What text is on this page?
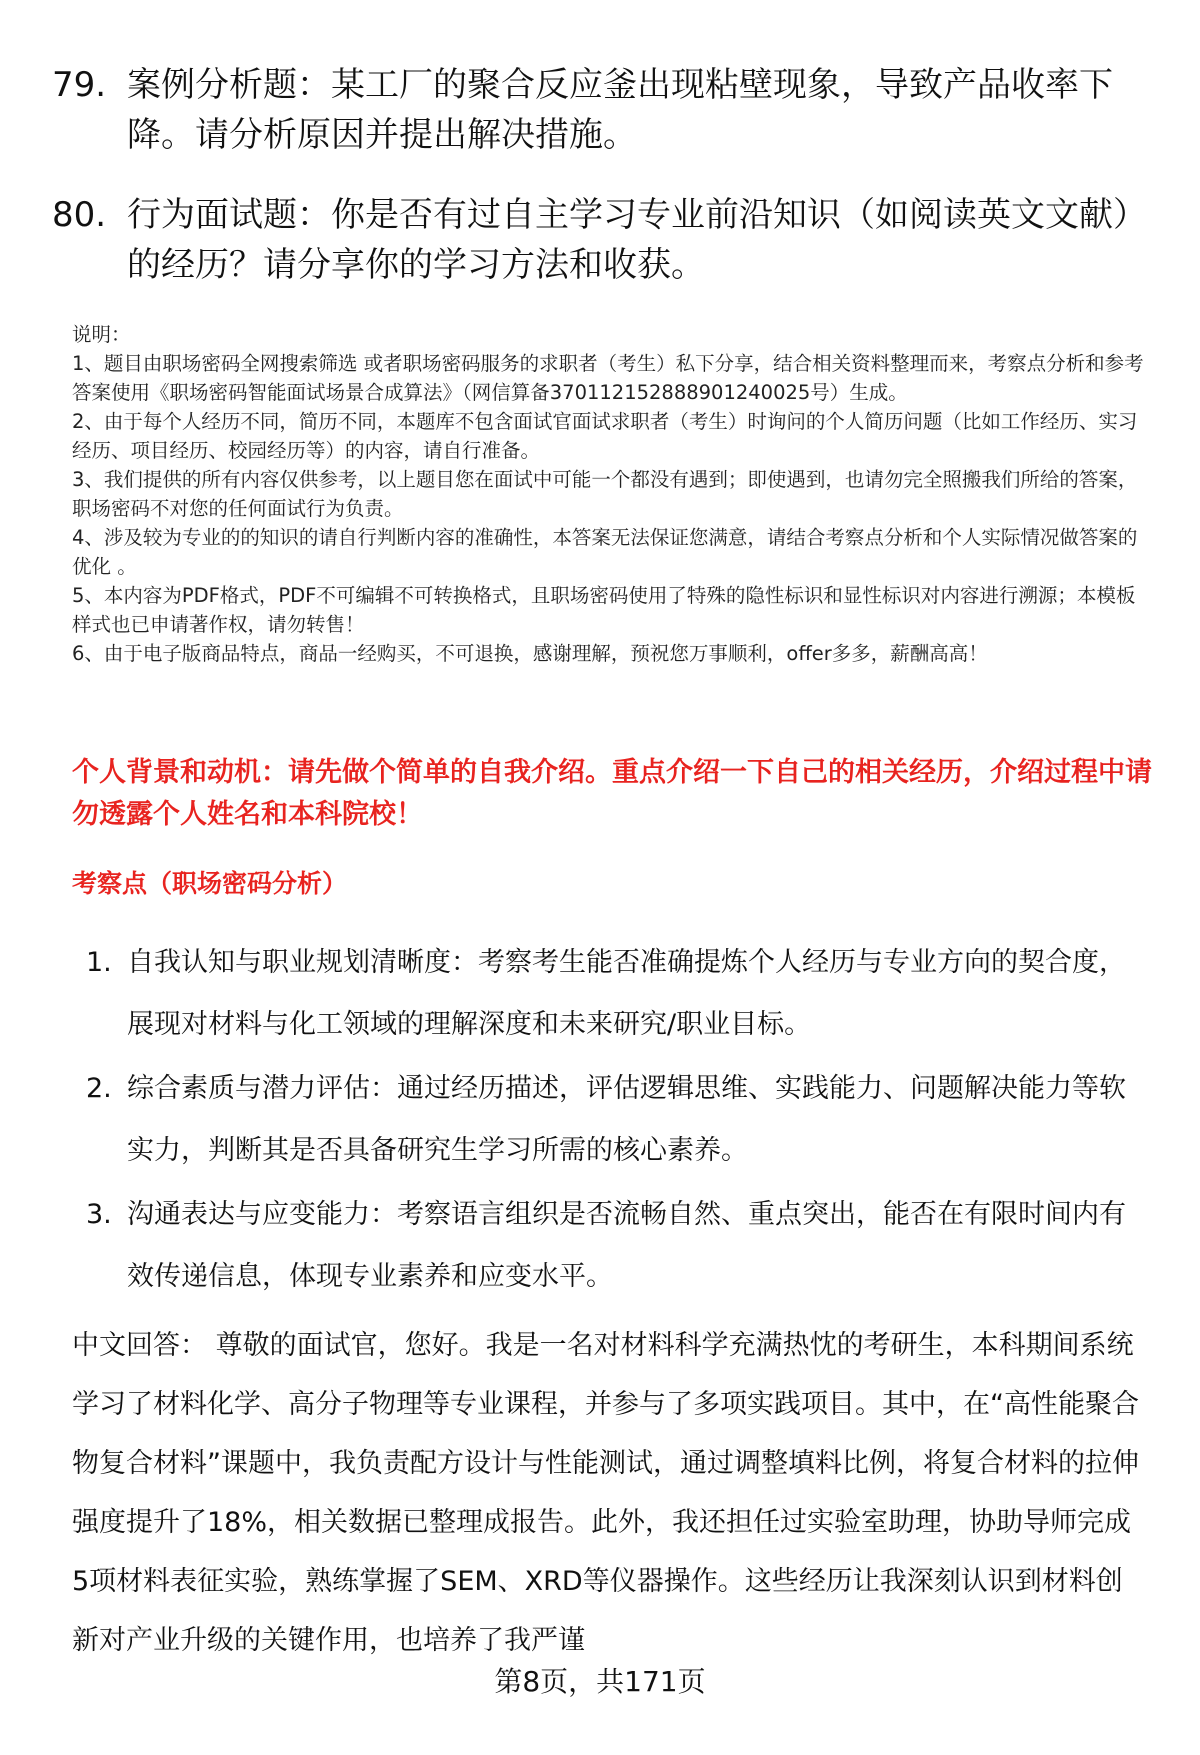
79. 案例分析题：某工厂的聚合反应釜出现粘壁现象，导致产品收率下降。请分析原因并提出解决措施。
80. 行为面试题：你是否有过自主学习专业前沿知识（如阅读英文文献）的经历？请分享你的学习方法和收获。

说明：

1、题目由职场密码全网搜索筛选 或者职场密码服务的求职者（考生）私下分享，结合相关资料整理而来，考察点分析和参考答案使用《职场密码智能面试场景合成算法》（网信算备370112152888901240025号）生成。

2、由于每个人经历不同，简历不同，本题库不包含面试官面试求职者（考生）时询问的个人简历问题（比如工作经历、实习经历、项目经历、校园经历等）的内容，请自行准备。

3、我们提供的所有内容仅供参考，以上题目您在面试中可能一个都没有遇到；即使遇到，也请勿完全照搬我们所给的答案，职场密码不对您的任何面试行为负责。

4、涉及较为专业的的知识的请自行判断内容的准确性，本答案无法保证您满意，请结合考察点分析和个人实际情况做答案的优化 。

5、本内容为PDF格式，PDF不可编辑不可转换格式，且职场密码使用了特殊的隐性标识和显性标识对内容进行溯源；本模板样式也已申请著作权，请勿转售！

6、由于电子版商品特点，商品一经购买，不可退换，感谢理解，预祝您万事顺利，offer多多，薪酬高高！

个人背景和动机：请先做个简单的自我介绍。重点介绍一下自己的相关经历，介绍过程中请勿透露个人姓名和本科院校！
考察点（职场密码分析）
1. 自我认知与职业规划清晰度：考察考生能否准确提炼个人经历与专业方向的契合度，展现对材料与化工领域的理解深度和未来研究/职业目标。
2. 综合素质与潜力评估：通过经历描述，评估逻辑思维、实践能力、问题解决能力等软实力，判断其是否具备研究生学习所需的核心素养。
3. 沟通表达与应变能力：考察语言组织是否流畅自然、重点突出，能否在有限时间内有效传递信息，体现专业素养和应变水平。
中文回答： 尊敬的面试官，您好。我是一名对材料科学充满热忱的考研生，本科期间系统学习了材料化学、高分子物理等专业课程，并参与了多项实践项目。其中，在“高性能聚合物复合材料”课题中，我负责配方设计与性能测试，通过调整填料比例，将复合材料的拉伸强度提升了18%，相关数据已整理成报告。此外，我还担任过实验室助理，协助导师完成5项材料表征实验，熟练掌握了SEM、XRD等仪器操作。这些经历让我深刻认识到材料创新对产业升级的关键作用，也培养了我严谨
第8页，共171页
